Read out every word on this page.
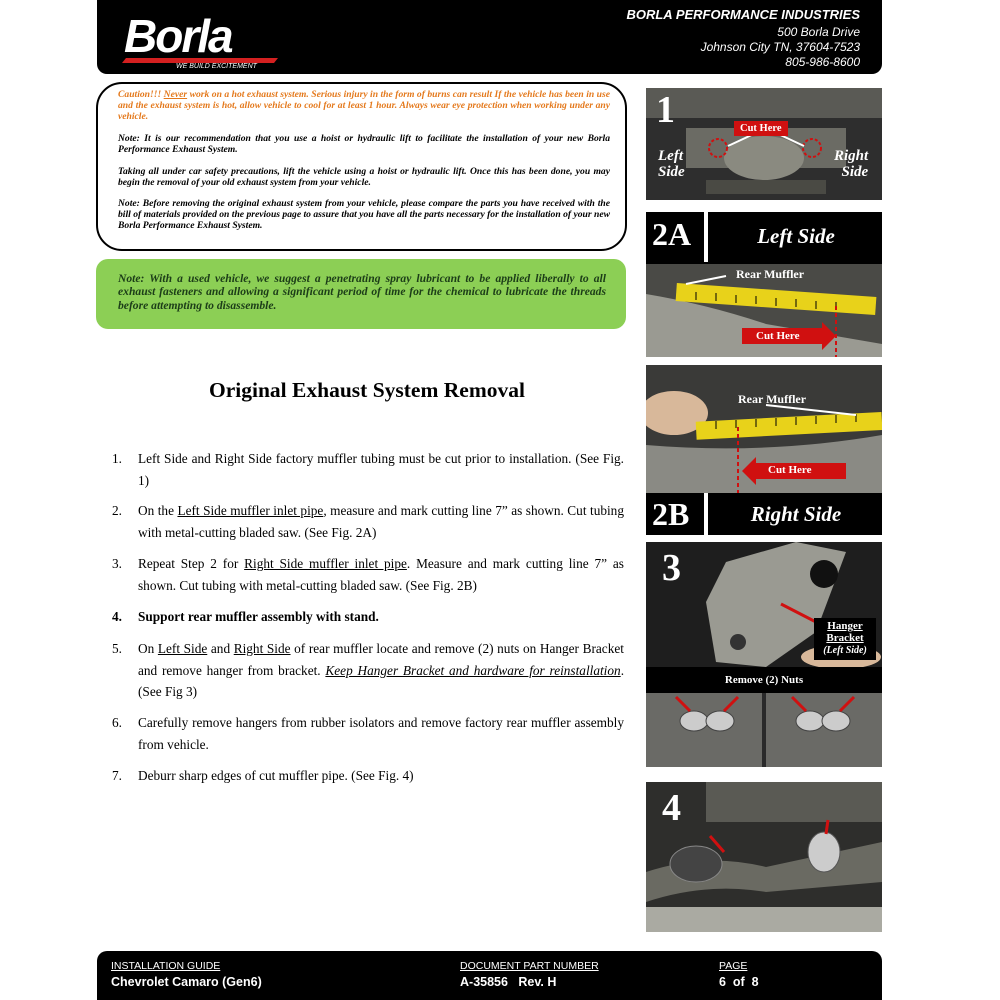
BORLA PERFORMANCE INDUSTRIES
500 Borla Drive
Johnson City TN, 37604-7523
805-986-8600
Borla
WE BUILD EXCITEMENT

Caution!!! Never work on a hot exhaust system. Serious injury in the form of burns can result If the vehicle has been in use and the exhaust system is hot, allow vehicle to cool for at least 1 hour. Always wear eye protection when working under any vehicle.

Note: It is our recommendation that you use a hoist or hydraulic lift to facilitate the installation of your new Borla Performance Exhaust System.

Taking all under car safety precautions, lift the vehicle using a hoist or hydraulic lift. Once this has been done, you may begin the removal of your old exhaust system from your vehicle.

Note: Before removing the original exhaust system from your vehicle, please compare the parts you have received with the bill of materials provided on the previous page to assure that you have all the parts necessary for the installation of your new Borla Performance Exhaust System.

Note: With a used vehicle, we suggest a penetrating spray lubricant to be applied liberally to all exhaust fasteners and allowing a significant period of time for the chemical to lubricate the threads before attempting to disassemble.

Original Exhaust System Removal
1. Left Side and Right Side factory muffler tubing must be cut prior to installation. (See Fig. 1)
2. On the Left Side muffler inlet pipe, measure and mark cutting line 7” as shown. Cut tubing with metal-cutting bladed saw. (See Fig. 2A)
3. Repeat Step 2 for Right Side muffler inlet pipe. Measure and mark cutting line 7” as shown. Cut tubing with metal-cutting bladed saw. (See Fig. 2B)
4. Support rear muffler assembly with stand.
5. On Left Side and Right Side of rear muffler locate and remove (2) nuts on Hanger Bracket and remove hanger from bracket. Keep Hanger Bracket and hardware for reinstallation. (See Fig 3)
6. Carefully remove hangers from rubber isolators and remove factory rear muffler assembly from vehicle.
7. Deburr sharp edges of cut muffler pipe. (See Fig. 4)
1	Cut Here
Left
Side
Right
Side
2A	Left Side
Rear Muffler
Cut Here
Rear Muffler
Cut Here
2B	Right Side
3
Hanger
Bracket
(Left Side)
Remove (2) Nuts
4
INSTALLATION GUIDE
Chevrolet Camaro (Gen6)
DOCUMENT PART NUMBER
A-35856   Rev. H
PAGE
6  of  8
